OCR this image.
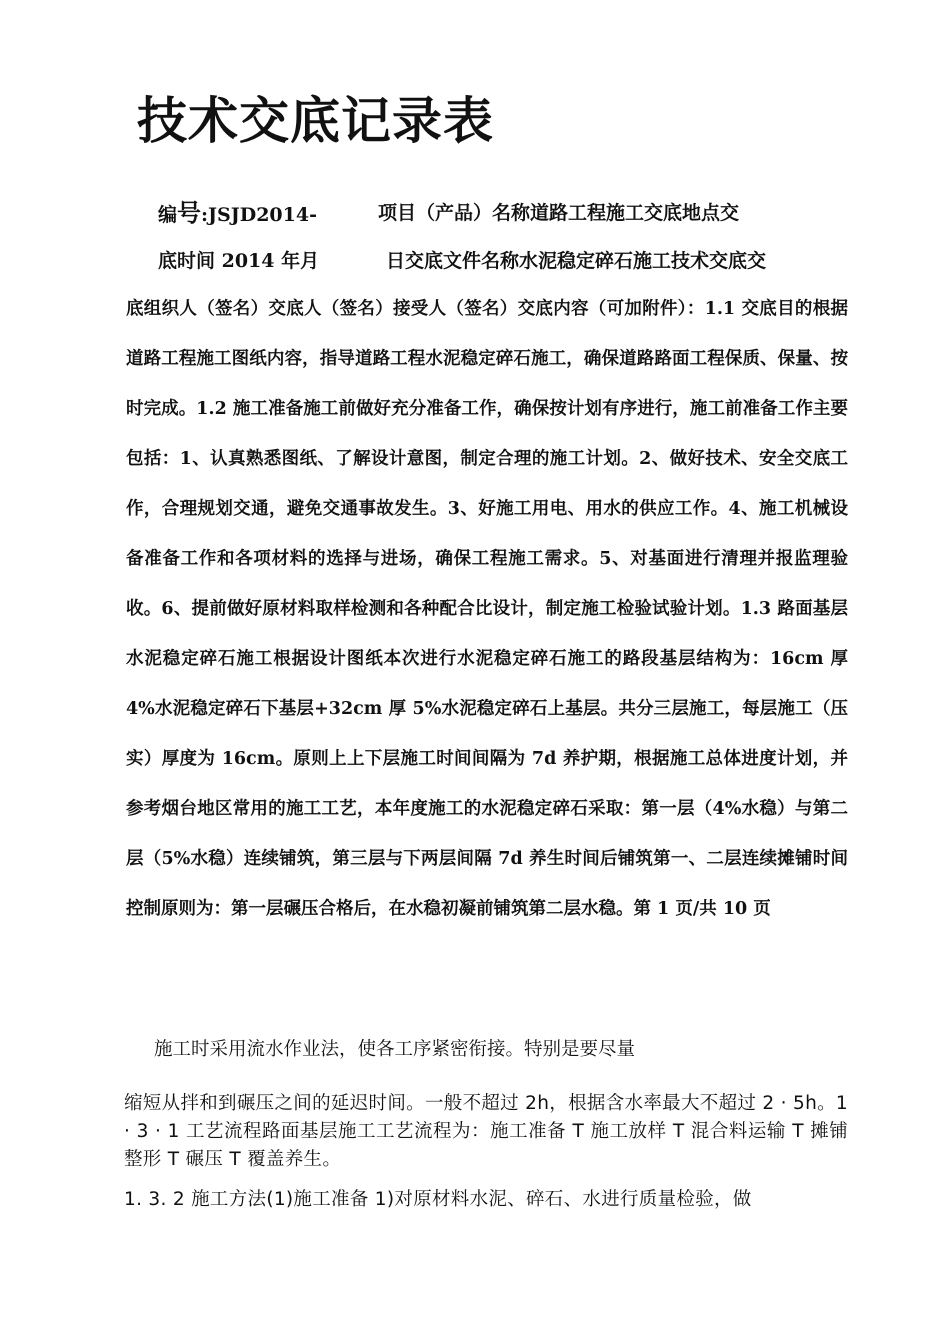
技术交底记录表
编号:JSJD2014-	项目（产品）名称道路工程施工交底地点交
底时间 2014 年月	日交底文件名称水泥稳定碎石施工技术交底交

底组织人（签名）交底人（签名）接受人（签名）交底内容（可加附件）：1.1 交底目的根据道路工程施工图纸内容，指导道路工程水泥稳定碎石施工，确保道路路面工程保质、保量、按时完成。1.2 施工准备施工前做好充分准备工作，确保按计划有序进行，施工前准备工作主要包括：1、认真熟悉图纸、了解设计意图，制定合理的施工计划。2、做好技术、安全交底工作，合理规划交通，避免交通事故发生。3、好施工用电、用水的供应工作。4、施工机械设备准备工作和各项材料的选择与进场，确保工程施工需求。5、对基面进行清理并报监理验收。6、提前做好原材料取样检测和各种配合比设计，制定施工检验试验计划。1.3 路面基层水泥稳定碎石施工根据设计图纸本次进行水泥稳定碎石施工的路段基层结构为：16cm 厚 4%水泥稳定碎石下基层+32cm 厚 5%水泥稳定碎石上基层。共分三层施工，每层施工（压实）厚度为 16cm。原则上上下层施工时间间隔为 7d 养护期，根据施工总体进度计划，并参考烟台地区常用的施工工艺，本年度施工的水泥稳定碎石采取：第一层（4%水稳）与第二层（5%水稳）连续铺筑，第三层与下两层间隔 7d 养生时间后铺筑第一、二层连续摊铺时间控制原则为：第一层碾压合格后，在水稳初凝前铺筑第二层水稳。第 1 页/共 10 页

施工时采用流水作业法，使各工序紧密衔接。特别是要尽量

缩短从拌和到碾压之间的延迟时间。一般不超过 2h，根据含水率最大不超过 2 · 5h。1 · 3 · 1 工艺流程路面基层施工工艺流程为：施工准备 T 施工放样 T 混合料运输 T 摊铺整形 T 碾压 T 覆盖养生。

1. 3. 2 施工方法(1)施工准备 1)对原材料水泥、碎石、水进行质量检验，做
